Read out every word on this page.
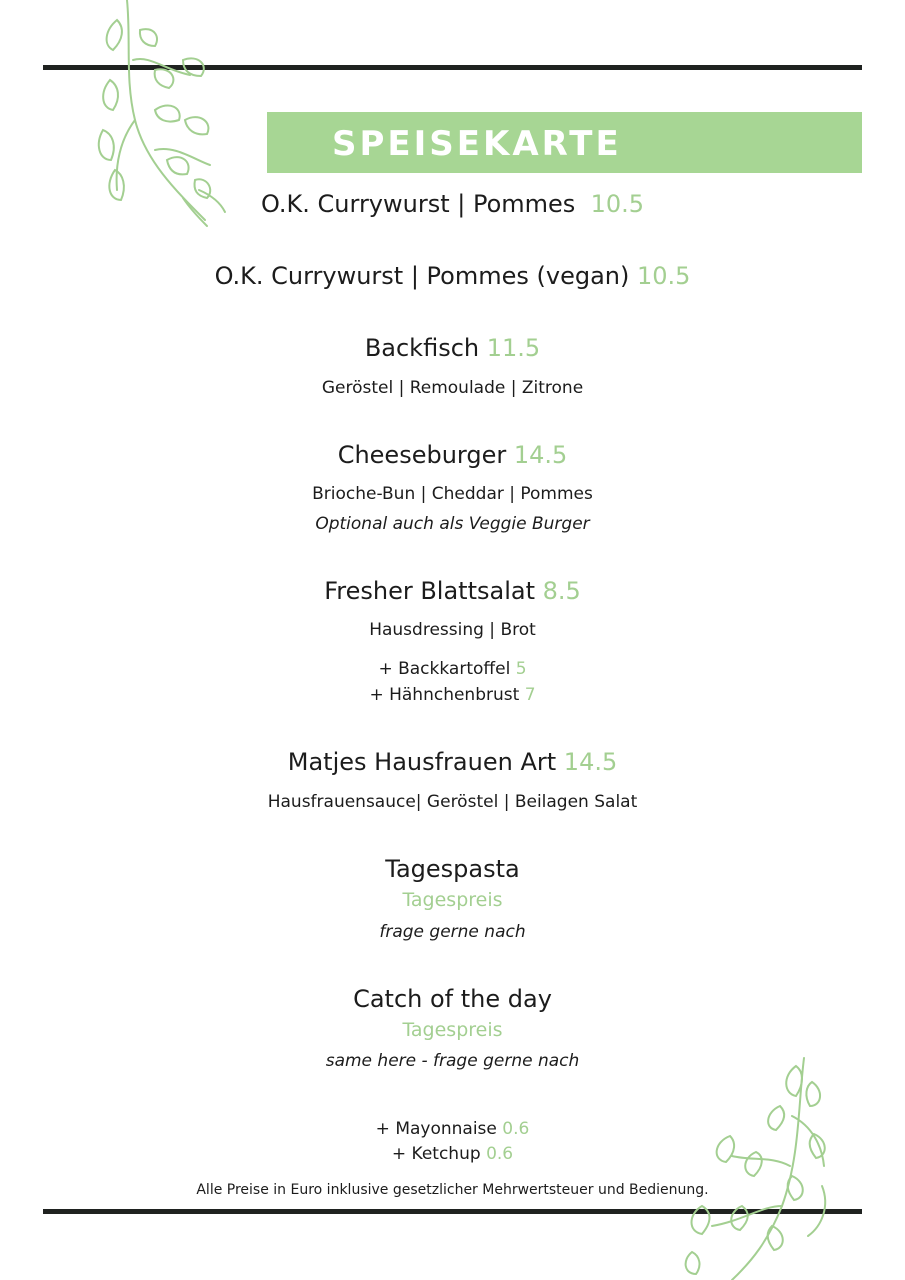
SPEISEKARTE
O.K. Currywurst | Pommes 10.5
O.K. Currywurst | Pommes (vegan) 10.5
Backfisch 11.5
Geröstel | Remoulade | Zitrone
Cheeseburger 14.5
Brioche-Bun | Cheddar | Pommes
Optional auch als Veggie Burger
Fresher Blattsalat 8.5
Hausdressing | Brot
+ Backkartoffel 5
+ Hähnchenbrust 7
Matjes Hausfrauen Art 14.5
Hausfrauensauce| Geröstel | Beilagen Salat
Tagespasta
Tagespreis
frage gerne nach
Catch of the day
Tagespreis
same here - frage gerne nach
+ Mayonnaise 0.6
+ Ketchup 0.6
Alle Preise in Euro inklusive gesetzlicher Mehrwertsteuer und Bedienung.
